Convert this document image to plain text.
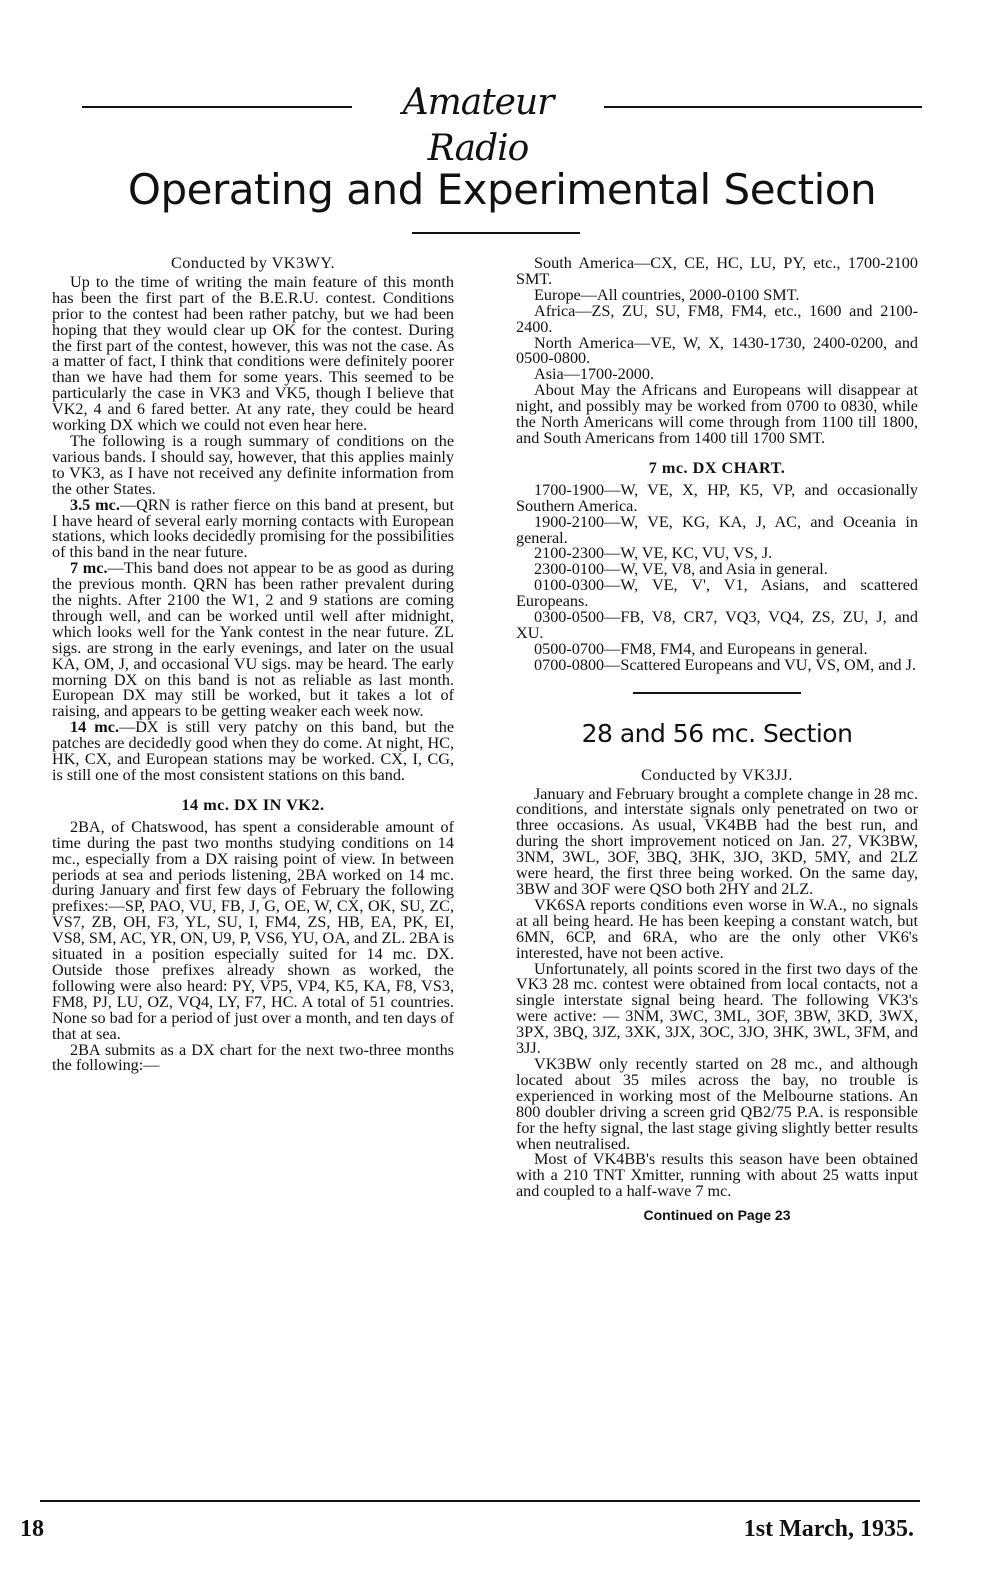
Amateur Radio
Operating and Experimental Section
Conducted by VK3WY.

Up to the time of writing the main feature of this month has been the first part of the B.E.R.U. contest. Conditions prior to the contest had been rather patchy, but we had been hoping that they would clear up OK for the contest. During the first part of the contest, however, this was not the case. As a matter of fact, I think that conditions were definitely poorer than we have had them for some years. This seemed to be particularly the case in VK3 and VK5, though I believe that VK2, 4 and 6 fared better. At any rate, they could be heard working DX which we could not even hear here.

The following is a rough summary of conditions on the various bands. I should say, however, that this applies mainly to VK3, as I have not received any definite information from the other States.

3.5 mc.—QRN is rather fierce on this band at present, but I have heard of several early morning contacts with European stations, which looks decidedly promising for the possibilities of this band in the near future.

7 mc.—This band does not appear to be as good as during the previous month. QRN has been rather prevalent during the nights. After 2100 the W1, 2 and 9 stations are coming through well, and can be worked until well after midnight, which looks well for the Yank contest in the near future. ZL sigs. are strong in the early evenings, and later on the usual KA, OM, J, and occasional VU sigs. may be heard. The early morning DX on this band is not as reliable as last month. European DX may still be worked, but it takes a lot of raising, and appears to be getting weaker each week now.

14 mc.—DX is still very patchy on this band, but the patches are decidedly good when they do come. At night, HC, HK, CX, and European stations may be worked. CX, I, CG, is still one of the most consistent stations on this band.

14 mc. DX IN VK2.

2BA, of Chatswood, has spent a considerable amount of time during the past two months studying conditions on 14 mc., especially from a DX raising point of view. In between periods at sea and periods listening, 2BA worked on 14 mc. during January and first few days of February the following prefixes:—SP, PAO, VU, FB, J, G, OE, W, CX, OK, SU, ZC, VS7, ZB, OH, F3, YL, SU, I, FM4, ZS, HB, EA, PK, EI, VS8, SM, AC, YR, ON, U9, P, VS6, YU, OA, and ZL. 2BA is situated in a position especially suited for 14 mc. DX. Outside those prefixes already shown as worked, the following were also heard: PY, VP5, VP4, K5, KA, F8, VS3, FM8, PJ, LU, OZ, VQ4, LY, F7, HC. A total of 51 countries. None so bad for a period of just over a month, and ten days of that at sea.

2BA submits as a DX chart for the next two-three months the following:—

South America—CX, CE, HC, LU, PY, etc., 1700-2100 SMT.

Europe—All countries, 2000-0100 SMT.

Africa—ZS, ZU, SU, FM8, FM4, etc., 1600 and 2100-2400.

North America—VE, W, X, 1430-1730, 2400-0200, and 0500-0800.

Asia—1700-2000.

About May the Africans and Europeans will disappear at night, and possibly may be worked from 0700 to 0830, while the North Americans will come through from 1100 till 1800, and South Americans from 1400 till 1700 SMT.

7 mc. DX CHART.

1700-1900—W, VE, X, HP, K5, VP, and occasionally Southern America.

1900-2100—W, VE, KG, KA, J, AC, and Oceania in general.

2100-2300—W, VE, KC, VU, VS, J.

2300-0100—W, VE, V8, and Asia in general.

0100-0300—W, VE, V', V1, Asians, and scattered Europeans.

0300-0500—FB, V8, CR7, VQ3, VQ4, ZS, ZU, J, and XU.

0500-0700—FM8, FM4, and Europeans in general.

0700-0800—Scattered Europeans and VU, VS, OM, and J.

28 and 56 mc. Section
Conducted by VK3JJ.

January and February brought a complete change in 28 mc. conditions, and interstate signals only penetrated on two or three occasions. As usual, VK4BB had the best run, and during the short improvement noticed on Jan. 27, VK3BW, 3NM, 3WL, 3OF, 3BQ, 3HK, 3JO, 3KD, 5MY, and 2LZ were heard, the first three being worked. On the same day, 3BW and 3OF were QSO both 2HY and 2LZ.

VK6SA reports conditions even worse in W.A., no signals at all being heard. He has been keeping a constant watch, but 6MN, 6CP, and 6RA, who are the only other VK6's interested, have not been active.

Unfortunately, all points scored in the first two days of the VK3 28 mc. contest were obtained from local contacts, not a single interstate signal being heard. The following VK3's were active: — 3NM, 3WC, 3ML, 3OF, 3BW, 3KD, 3WX, 3PX, 3BQ, 3JZ, 3XK, 3JX, 3OC, 3JO, 3HK, 3WL, 3FM, and 3JJ.

VK3BW only recently started on 28 mc., and although located about 35 miles across the bay, no trouble is experienced in working most of the Melbourne stations. An 800 doubler driving a screen grid QB2/75 P.A. is responsible for the hefty signal, the last stage giving slightly better results when neutralised.

Most of VK4BB's results this season have been obtained with a 210 TNT Xmitter, running with about 25 watts input and coupled to a half-wave 7 mc.

Continued on Page 23
18	1st March, 1935.
